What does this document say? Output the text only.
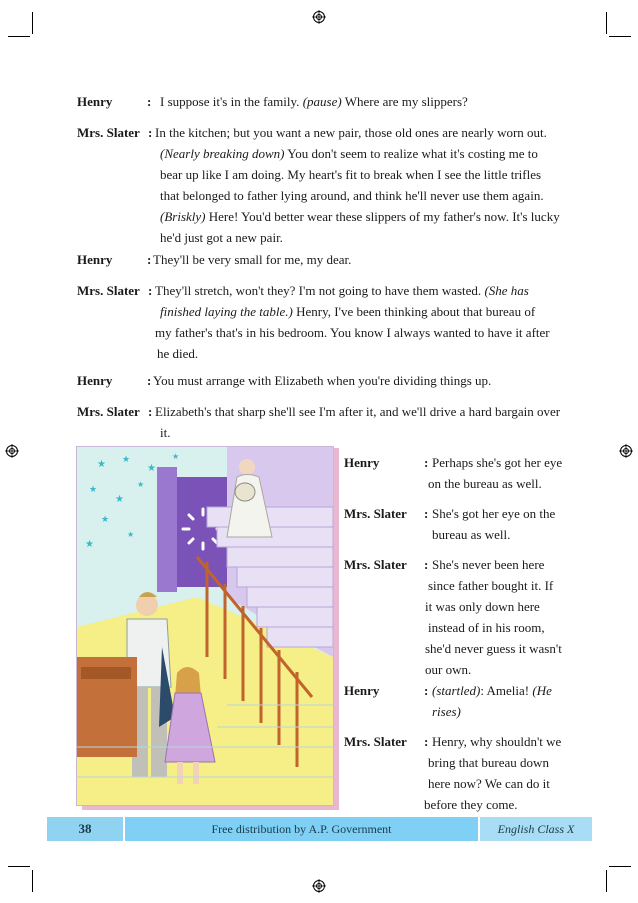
Henry	: I suppose it's in the family. (pause) Where are my slippers?
Mrs. Slater : In the kitchen; but you want a new pair, those old ones are nearly worn out.
(Nearly breaking down) You don't seem to realize what it's costing me to
bear up like I am doing. My heart's fit to break when I see the little trifles
that belonged to father lying around, and think he'll never use them again.
(Briskly) Here! You'd better wear these slippers of my father's now. It's lucky
he'd just got a new pair.
Henry	: They'll be very small for me, my dear.
Mrs. Slater : They'll stretch, won't they? I'm not going to have them wasted. (She has
finished laying the table.) Henry, I've been thinking about that bureau of
my father's that's in his bedroom. You know I always wanted to have it after
he died.
Henry	: You must arrange with Elizabeth when you're dividing things up.
Mrs. Slater : Elizabeth's that sharp she'll see I'm after it, and we'll drive a hard bargain over
it.
★ ★
★
★
★
★
★
★
★
★
Henry	: Perhaps she's got her eye
on the bureau as well.
Mrs. Slater : She's got her eye on the
bureau as well.
Mrs. Slater : She's never been here
since father bought it. If
it was only down here
instead of in his room,
she'd never guess it wasn't
our own.
Henry	: (startled): Amelia! (He
rises)
Mrs. Slater : Henry, why shouldn't we
bring that bureau down
here now? We can do it
before they come.
38	Free distribution by A.P. Government	English Class X
